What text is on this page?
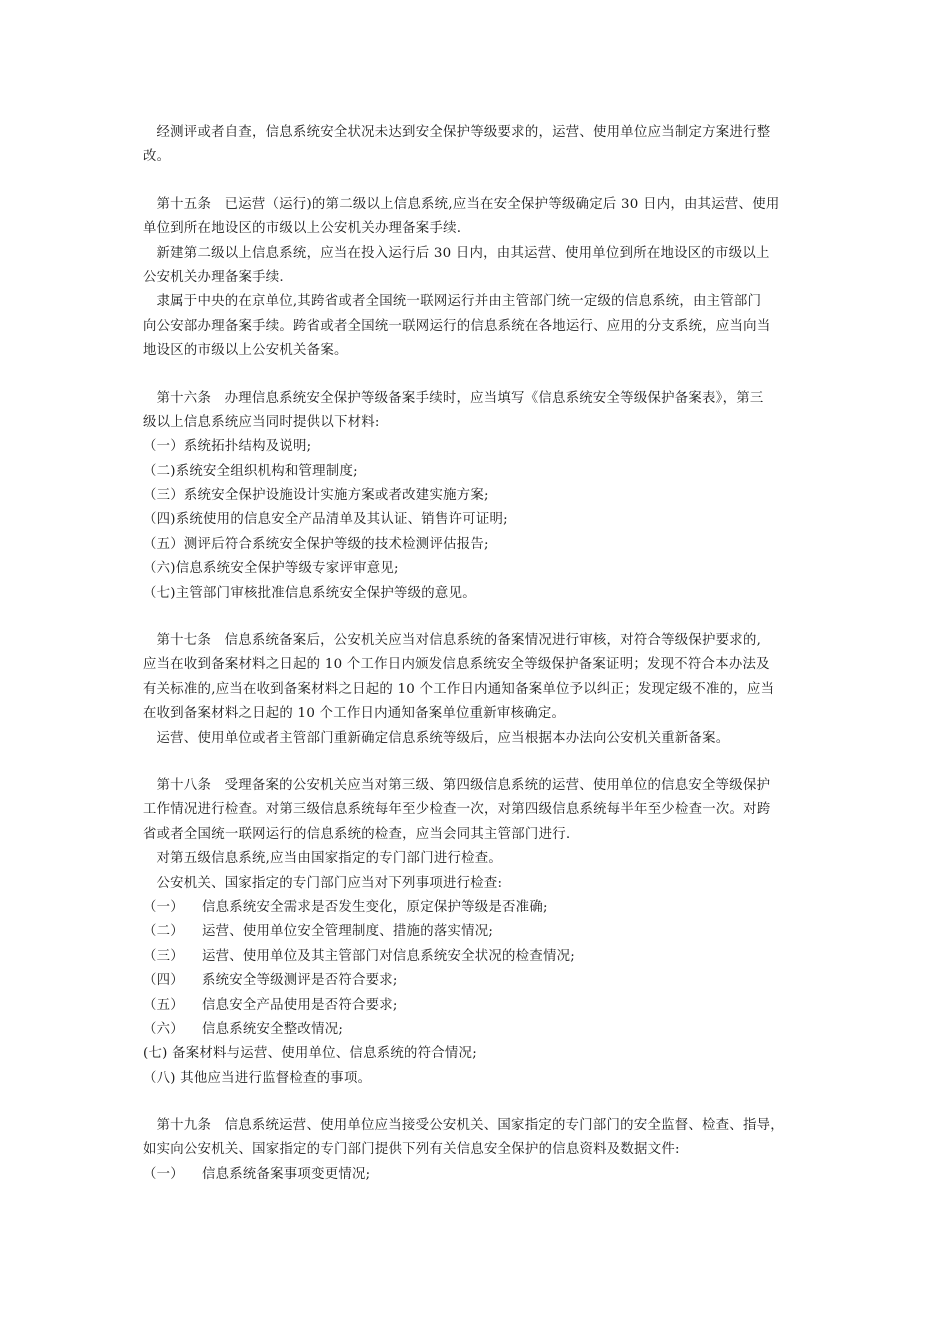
经测评或者自查，信息系统安全状况未达到安全保护等级要求的，运营、使用单位应当制定方案进行整
改。
第十五条   已运营（运行)的第二级以上信息系统,应当在安全保护等级确定后 30 日内，由其运营、使用
单位到所在地设区的市级以上公安机关办理备案手续.
新建第二级以上信息系统，应当在投入运行后 30 日内，由其运营、使用单位到所在地设区的市级以上
公安机关办理备案手续.
隶属于中央的在京单位,其跨省或者全国统一联网运行并由主管部门统一定级的信息系统，由主管部门
向公安部办理备案手续。跨省或者全国统一联网运行的信息系统在各地运行、应用的分支系统，应当向当
地设区的市级以上公安机关备案。
第十六条   办理信息系统安全保护等级备案手续时，应当填写《信息系统安全等级保护备案表》，第三
级以上信息系统应当同时提供以下材料:
（一）系统拓扑结构及说明;
（二)系统安全组织机构和管理制度;
（三）系统安全保护设施设计实施方案或者改建实施方案;
（四)系统使用的信息安全产品清单及其认证、销售许可证明;
（五）测评后符合系统安全保护等级的技术检测评估报告;
（六)信息系统安全保护等级专家评审意见;
（七)主管部门审核批准信息系统安全保护等级的意见。
第十七条   信息系统备案后，公安机关应当对信息系统的备案情况进行审核，对符合等级保护要求的,
应当在收到备案材料之日起的 10 个工作日内颁发信息系统安全等级保护备案证明；发现不符合本办法及
有关标准的,应当在收到备案材料之日起的 10 个工作日内通知备案单位予以纠正；发现定级不准的，应当
在收到备案材料之日起的 10 个工作日内通知备案单位重新审核确定。
运营、使用单位或者主管部门重新确定信息系统等级后，应当根据本办法向公安机关重新备案。
第十八条   受理备案的公安机关应当对第三级、第四级信息系统的运营、使用单位的信息安全等级保护
工作情况进行检查。对第三级信息系统每年至少检查一次，对第四级信息系统每半年至少检查一次。对跨
省或者全国统一联网运行的信息系统的检查，应当会同其主管部门进行.
对第五级信息系统,应当由国家指定的专门部门进行检查。
公安机关、国家指定的专门部门应当对下列事项进行检查:
（一）    信息系统安全需求是否发生变化，原定保护等级是否准确;
（二）    运营、使用单位安全管理制度、措施的落实情况;
（三）    运营、使用单位及其主管部门对信息系统安全状况的检查情况;
（四）    系统安全等级测评是否符合要求;
（五）    信息安全产品使用是否符合要求;
（六）    信息系统安全整改情况;
(七) 备案材料与运营、使用单位、信息系统的符合情况;
（八) 其他应当进行监督检查的事项。
第十九条   信息系统运营、使用单位应当接受公安机关、国家指定的专门部门的安全监督、检查、指导，
如实向公安机关、国家指定的专门部门提供下列有关信息安全保护的信息资料及数据文件:
（一）    信息系统备案事项变更情况;
